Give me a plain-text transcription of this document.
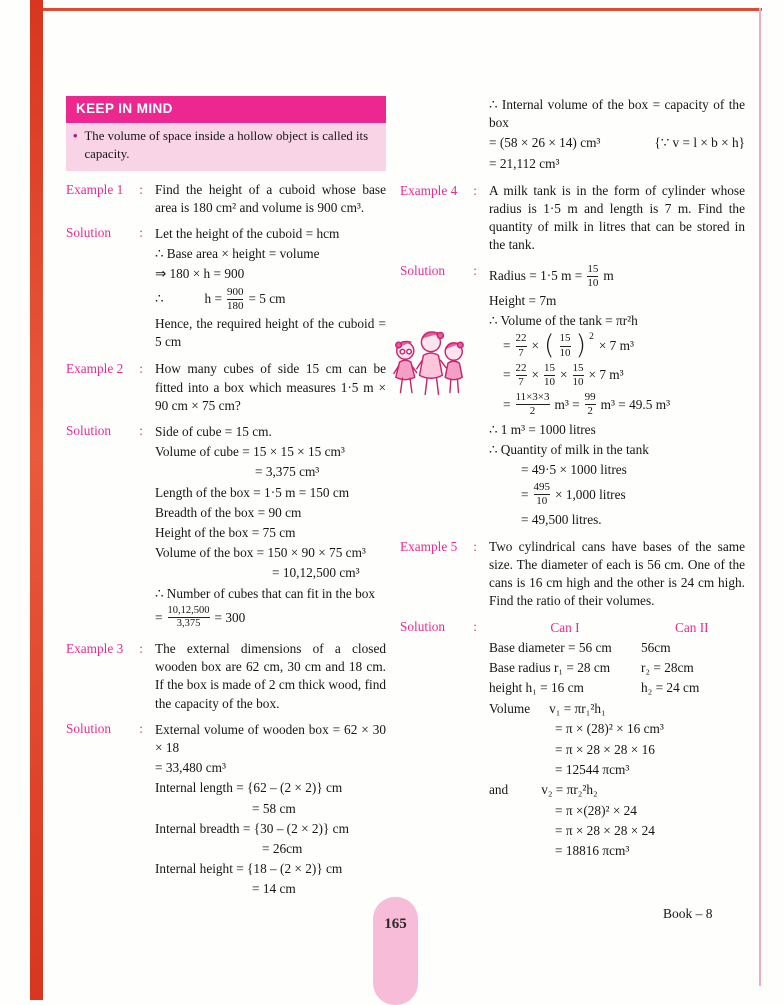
KEEP IN MIND
• The volume of space inside a hollow object is called its capacity.
Example 1 : Find the height of a cuboid whose base area is 180 cm² and volume is 900 cm³.
Solution : Let the height of the cuboid = hcm
∴ Base area × height = volume
⇒ 180 × h = 900
∴	$h = \frac{900}{180} = 5$ cm
Hence, the required height of the cuboid = 5 cm
Example 2 : How many cubes of side 15 cm can be fitted into a box which measures 1·5 m × 90 cm × 75 cm?
Solution : Side of cube = 15 cm.
Volume of cube = 15 × 15 × 15 cm³
= 3,375 cm³
Length of the box = 1·5 m = 150 cm
Breadth of the box = 90 cm
Height of the box = 75 cm
Volume of the box = 150 × 90 × 75 cm³
= 10,12,500 cm³
∴ Number of cubes that can fit in the box
= $\frac{10,12,500}{3,375} = 300$
Example 3 : The external dimensions of a closed wooden box are 62 cm, 30 cm and 18 cm. If the box is made of 2 cm thick wood, find the capacity of the box.
Solution : External volume of wooden box = 62 × 30 × 18
= 33,480 cm³
Internal length = {62 – (2 × 2)} cm
= 58 cm
Internal breadth = {30 – (2 × 2)} cm
= 26cm
Internal height = {18 – (2 × 2)} cm
= 14 cm
∴ Internal volume of the box = capacity of the box
= (58 × 26 × 14) cm³	{∵ v = l × b × h}
= 21,112 cm³
Example 4 : A milk tank is in the form of cylinder whose radius is 1·5 m and length is 7 m. Find the quantity of milk in litres that can be stored in the tank.
Solution : Radius = 1·5 $m = \frac{15}{10}$ m
Height = 7m
∴ Volume of the tank = πr²h
= $\frac{22}{7}$ × ( $\frac{15}{10}$ ) 2
× 7 m³
= $\frac{22}{7} \times \frac{15}{10} \times \frac{15}{10} \times 7$ m³
= $\frac{11\times 3\times 3}{2} m^3 = \frac{99}{2} m^3 = 49.5$ m³
∴ 1 m³ = 1000 litres
∴ Quantity of milk in the tank
= 49·5 × 1000 litres
= $\frac{495}{10} \times 1,000$ litres
= 49,500 litres.
Example 5 : Two cylindrical cans have bases of the same size. The diameter of each is 56 cm. One of the cans is 16 cm high and the other is 24 cm high. Find the ratio of their volumes.
Solution :	Can I	Can II
Base diameter = 56 cm	56cm
Base radius r₁ = 28 cm	r₂ = 28cm
height h₁ = 16 cm	h₂ = 24 cm
Volume v₁ = πr₁²h₁
= π × (28)² × 16 cm³
= π × 28 × 28 × 16
= 12544 πcm³
and v₂ = πr₂²h₂
= π ×(28)² × 24
= π × 28 × 28 × 24
= 18816 πcm³
165
Book – 8
